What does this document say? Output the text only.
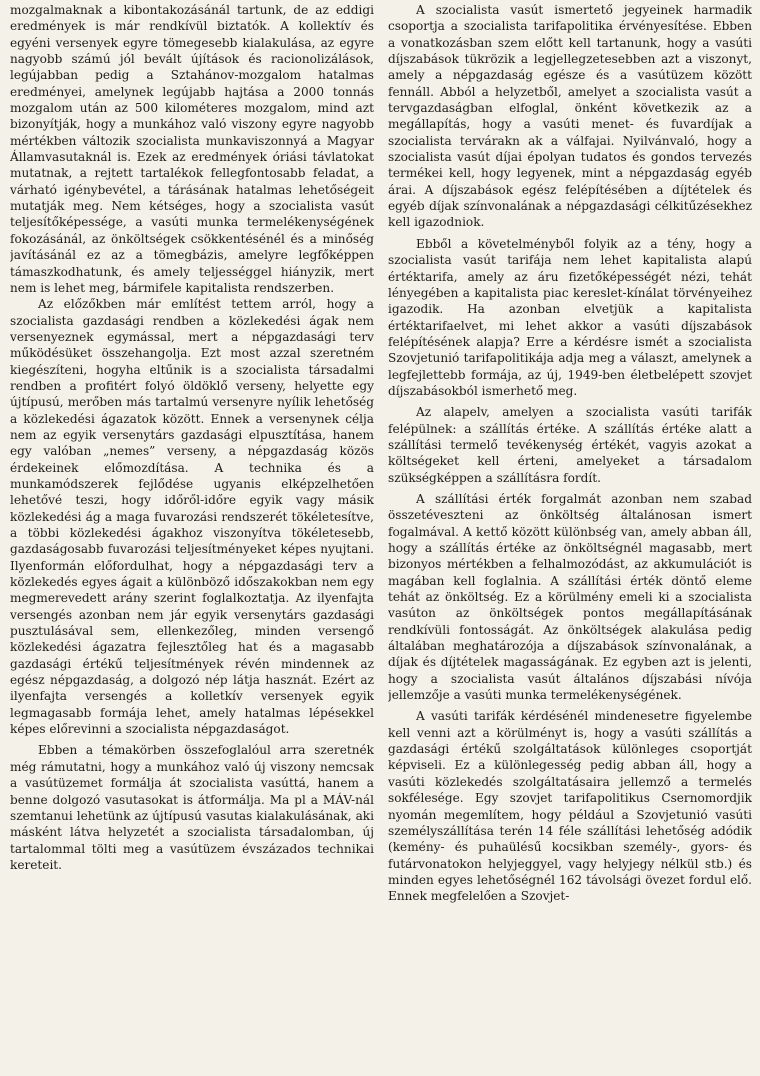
mozgalmaknak a kibontakozásánál tartunk, de az eddigi eredmények is már rendkívül biztatók. A kollektív és egyéni versenyek egyre tömegesebb kialakulása, az egyre nagyobb számú jól bevált újítások és racionolizálások, legújabban pedig a Sztahánov-mozgalom hatalmas eredményei, amelynek legújabb hajtása a 2000 tonnás mozgalom után az 500 kilométeres mozgalom, mind azt bizonyítják, hogy a munkához való viszony egyre nagyobb mértékben változik szocialista munkaviszonnyá a Magyar Államvasutaknál is. Ezek az eredmények óriási távlatokat mutatnak, a rejtett tartalékok fellegfontosabb feladat, a várható igénybevétel, a tárásának hatalmas lehetőségeit mutatják meg. Nem kétséges, hogy a szocialista vasút teljesítőképessége, a vasúti munka termelékenységének fokozásánál, az önköltségek csökkentésénél és a minőség javításánál ez az a tömegbázis, amelyre legfőképpen támaszkodhatunk, és amely teljességgel hiányzik, mert nem is lehet meg, bármifele kapitalista rendszerben.

Az előzőkben már említést tettem arról, hogy a szocialista gazdasági rendben a közlekedési ágak nem versenyeznek egymással, mert a népgazdasági terv működésüket összehangolja. Ezt most azzal szeretném kiegészíteni, hogyha eltűnik is a szocialista társadalmi rendben a profitért folyó öldöklő verseny, helyette egy újtípusú, merőben más tartalmú versenyre nyílik lehetőség a közlekedési ágazatok között. Ennek a versenynek célja nem az egyik versenytárs gazdasági elpusztítása, hanem egy valóban „nemes” verseny, a népgazdaság közös érdekeinek előmozdítása. A technika és a munkamódszerek fejlődése ugyanis elképzelhetően lehetővé teszi, hogy időről-időre egyik vagy másik közlekedési ág a maga fuvarozási rendszerét tökéletesítve, a többi közlekedési ágakhoz viszonyítva tökéletesebb, gazdaságosabb fuvarozási teljesítményeket képes nyujtani. Ilyenformán előfordulhat, hogy a népgazdasági terv a közlekedés egyes ágait a különböző időszakokban nem egy megmerevedett arány szerint foglalkoztatja. Az ilyenfajta versengés azonban nem jár egyik versenytárs gazdasági pusztulásával sem, ellenkezőleg, minden versengő közlekedési ágazatra fejlesztőleg hat és a magasabb gazdasági értékű teljesítmények révén mindennek az egész népgazdaság, a dolgozó nép látja hasznát. Ezért az ilyenfajta versengés a kolletkív versenyek egyik legmagasabb formája lehet, amely hatalmas lépésekkel képes előrevinni a szocialista népgazdaságot.

Ebben a témakörben összefoglalóul arra szeretnék még rámutatni, hogy a munkához való új viszony nemcsak a vasútüzemet formálja át szocialista vasúttá, hanem a benne dolgozó vasutasokat is átformálja. Ma pl a MÁV-nál szemtanui lehetünk az újtípusú vasutas kialakulásának, aki másként látva helyzetét a szocialista társadalomban, új tartalommal tölti meg a vasútüzem évszázados technikai kereteit.

A szocialista vasút ismertető jegyeinek harmadik csoportja a szocialista tarifapolitika érvényesítése. Ebben a vonatkozásban szem előtt kell tartanunk, hogy a vasúti díjszabások tükrözik a legjellegzetesebben azt a viszonyt, amely a népgazdaság egésze és a vasútüzem között fennáll. Abból a helyzetből, amelyet a szocialista vasút a tervgazdaságban elfoglal, önként következik az a megállapítás, hogy a vasúti menet- és fuvardíjak a szocialista tervárakn ak a válfajai. Nyilvánvaló, hogy a szocialista vasút díjai épolyan tudatos és gondos tervezés termékei kell, hogy legyenek, mint a népgazdaság egyéb árai. A díjszabások egész felépítésében a díjtételek és egyéb díjak színvonalának a népgazdasági célkitűzésekhez kell igazodniok.

Ebből a követelményből folyik az a tény, hogy a szocialista vasút tarifája nem lehet kapitalista alapú értéktarifa, amely az áru fizetőképességét nézi, tehát lényegében a kapitalista piac kereslet-kínálat törvényeihez igazodik. Ha azonban elvetjük a kapitalista értéktarifaelvet, mi lehet akkor a vasúti díjszabások felépítésének alapja? Erre a kérdésre ismét a szocialista Szovjetunió tarifapolitikája adja meg a választ, amelynek a legfejlettebb formája, az új, 1949-ben életbelépett szovjet díjszabásokból ismerhető meg.

Az alapelv, amelyen a szocialista vasúti tarifák felépülnek: a szállítás értéke. A szállítás értéke alatt a szállítási termelő tevékenység értékét, vagyis azokat a költségeket kell érteni, amelyeket a társadalom szükségképpen a szállításra fordít.

A szállítási érték forgalmát azonban nem szabad összetéveszteni az önköltség általánosan ismert fogalmával. A kettő között különbség van, amely abban áll, hogy a szállítás értéke az önköltségnél magasabb, mert bizonyos mértékben a felhalmozódást, az akkumulációt is magában kell foglalnia. A szállítási érték döntő eleme tehát az önköltség. Ez a körülmény emeli ki a szocialista vasúton az önköltségek pontos megállapításának rendkívüli fontosságát. Az önköltségek alakulása pedig általában meghatározója a díjszabások színvonalának, a díjak és díjtételek magasságának. Ez egyben azt is jelenti, hogy a szocialista vasút általános díjszabási nívója jellemzője a vasúti munka termelékenységének.

A vasúti tarifák kérdésénél mindenesetre figyelembe kell venni azt a körülményt is, hogy a vasúti szállítás a gazdasági értékű szolgáltatások különleges csoportját képviseli. Ez a különlegesség pedig abban áll, hogy a vasúti közlekedés szolgáltatásaira jellemző a termelés sokfélesége. Egy szovjet tarifapolitikus Csernomordjik nyomán megemlítem, hogy például a Szovjetunió vasúti személyszállítása terén 14 féle szállítási lehetőség adódik (kemény- és puhaülésű kocsikban személy-, gyors- és futárvonatokon helyjeggyel, vagy helyjegy nélkül stb.) és minden egyes lehetőségnél 162 távolsági övezet fordul elő. Ennek megfelelően a Szovjet-
